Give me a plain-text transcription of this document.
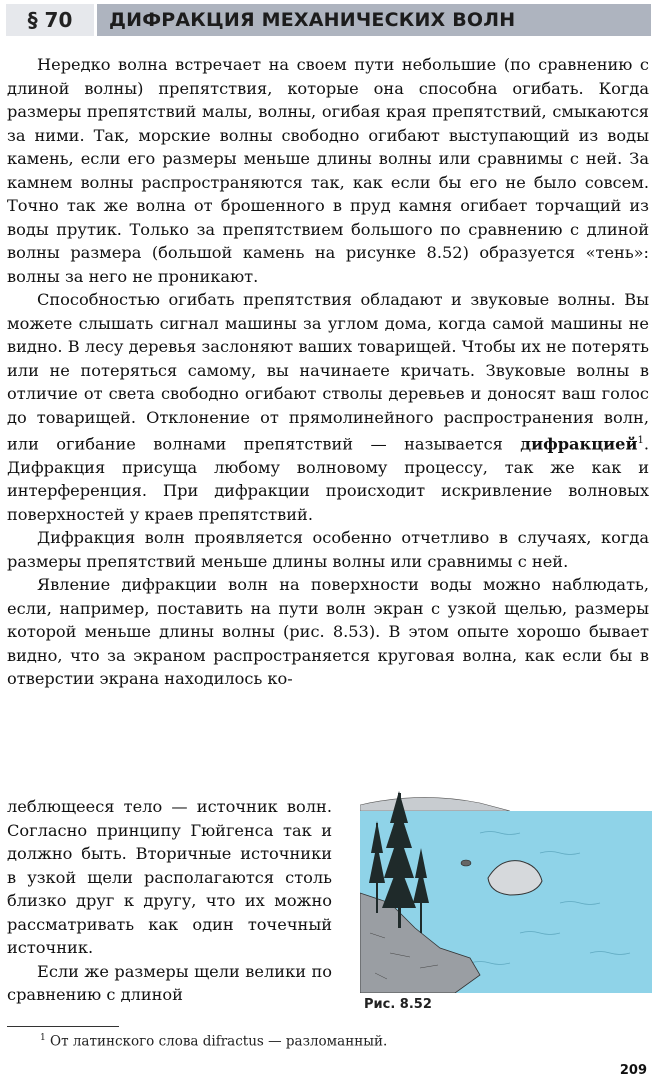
§ 70	ДИФРАКЦИЯ МЕХАНИЧЕСКИХ ВОЛН

Нередко волна встречает на своем пути небольшие (по сравнению с длиной волны) препятствия, которые она способна огибать. Когда размеры препятствий малы, волны, огибая края препятствий, смыкаются за ними. Так, морские волны свободно огибают выступающий из воды камень, если его размеры меньше длины волны или сравнимы с ней. За камнем волны распространяются так, как если бы его не было совсем. Точно так же волна от брошенного в пруд камня огибает торчащий из воды прутик. Только за препятствием большого по сравнению с длиной волны размера (большой камень на рисунке 8.52) образуется «тень»: волны за него не проникают.

Способностью огибать препятствия обладают и звуковые волны. Вы можете слышать сигнал машины за углом дома, когда самой машины не видно. В лесу деревья заслоняют ваших товарищей. Чтобы их не потерять или не потеряться самому, вы начинаете кричать. Звуковые волны в отличие от света свободно огибают стволы деревьев и доносят ваш голос до товарищей. Отклонение от прямолинейного распространения волн, или огибание волнами препятствий — называется дифракцией$^1$. Дифракция присуща любому волновому процессу, так же как и интерференция. При дифракции происходит искривление волновых поверхностей у краев препятствий.

Дифракция волн проявляется особенно отчетливо в случаях, когда размеры препятствий меньше длины волны или сравнимы с ней.

Явление дифракции волн на поверхности воды можно наблюдать, если, например, поставить на пути волн экран с узкой щелью, размеры которой меньше длины волны (рис. 8.53). В этом опыте хорошо бывает видно, что за экраном распространяется круговая волна, как если бы в отверстии экрана находилось ко-

леблющееся тело — источник волн. Согласно принципу Гюйгенса так и должно быть. Вторичные источники в узкой щели располагаются столь близко друг к другу, что их можно рассматривать как один точечный источник.

Если же размеры щели велики по сравнению с длиной

Рис. 8.52
$^1$ От латинского слова difractus — разломанный.
209
